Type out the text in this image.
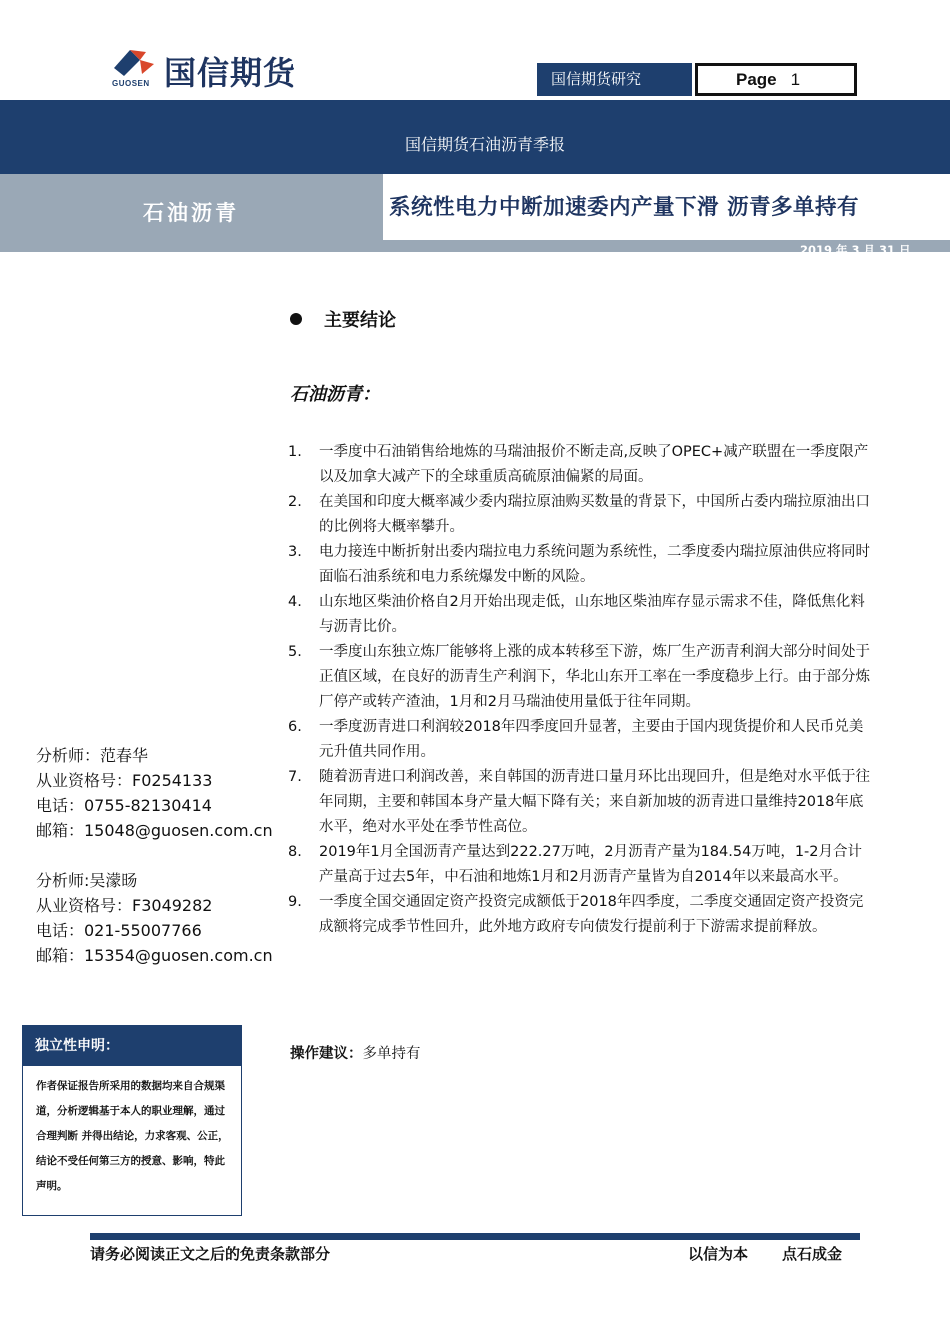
GUOSEN 国信期货	国信期货研究	Page 1
国信期货石油沥青季报
石油沥青	系统性电力中断加速委内产量下滑 沥青多单持有
2019 年 3 月 31 日
主要结论
石油沥青：
1. 一季度中石油销售给地炼的马瑞油报价不断走高,反映了OPEC+减产联盟在一季度限产以及加拿大减产下的全球重质高硫原油偏紧的局面。
2. 在美国和印度大概率减少委内瑞拉原油购买数量的背景下，中国所占委内瑞拉原油出口的比例将大概率攀升。
3. 电力接连中断折射出委内瑞拉电力系统问题为系统性，二季度委内瑞拉原油供应将同时面临石油系统和电力系统爆发中断的风险。
4. 山东地区柴油价格自2月开始出现走低，山东地区柴油库存显示需求不佳，降低焦化料与沥青比价。
5. 一季度山东独立炼厂能够将上涨的成本转移至下游，炼厂生产沥青利润大部分时间处于正值区域，在良好的沥青生产利润下，华北山东开工率在一季度稳步上行。由于部分炼厂停产或转产渣油，1月和2月马瑞油使用量低于往年同期。
6. 一季度沥青进口利润较2018年四季度回升显著，主要由于国内现货提价和人民币兑美元升值共同作用。
7. 随着沥青进口利润改善，来自韩国的沥青进口量月环比出现回升，但是绝对水平低于往年同期，主要和韩国本身产量大幅下降有关；来自新加坡的沥青进口量维持2018年底水平，绝对水平处在季节性高位。
8. 2019年1月全国沥青产量达到222.27万吨，2月沥青产量为184.54万吨，1-2月合计产量高于过去5年，中石油和地炼1月和2月沥青产量皆为自2014年以来最高水平。
9. 一季度全国交通固定资产投资完成额低于2018年四季度，二季度交通固定资产投资完成额将完成季节性回升，此外地方政府专向债发行提前利于下游需求提前释放。
操作建议：多单持有
分析师：范春华
从业资格号：F0254133
电话：0755-82130414
邮箱：15048@guosen.com.cn
分析师:吴濛旸
从业资格号：F3049282
电话：021-55007766
邮箱：15354@guosen.com.cn
独立性申明：
作者保证报告所采用的数据均来自合规渠道，分析逻辑基于本人的职业理解，通过合理判断 并得出结论，力求客观、公正，结论不受任何第三方的授意、影响，特此声明。
请务必阅读正文之后的免责条款部分	以信为本 点石成金
